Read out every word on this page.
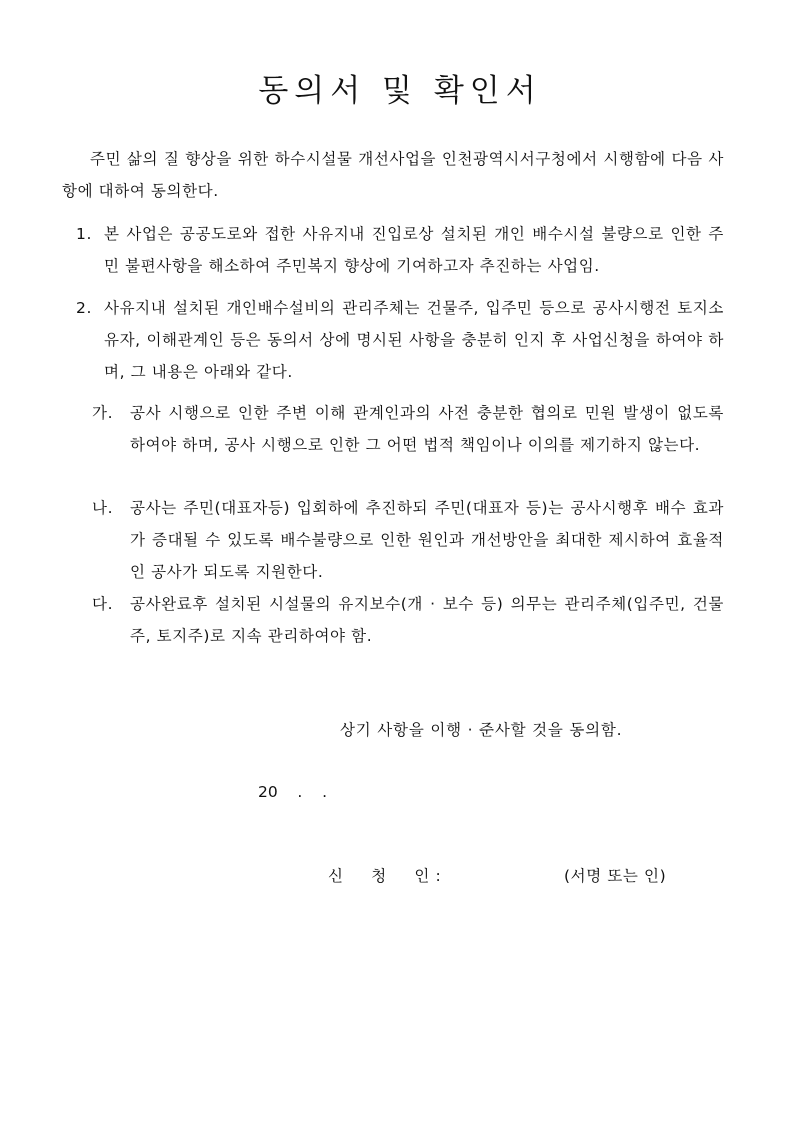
동의서 및 확인서
주민 삶의 질 향상을 위한 하수시설물 개선사업을 인천광역시서구청에서 시행함에 다음 사항에 대하여 동의한다.
1. 본 사업은 공공도로와 접한 사유지내 진입로상 설치된 개인 배수시설 불량으로 인한 주민 불편사항을 해소하여 주민복지 향상에 기여하고자 추진하는 사업임.
2. 사유지내 설치된 개인배수설비의 관리주체는 건물주, 입주민 등으로 공사시행전 토지소유자, 이해관계인 등은 동의서 상에 명시된 사항을 충분히 인지 후 사업신청을 하여야 하며, 그 내용은 아래와 같다.
가.	공사 시행으로 인한 주변 이해 관계인과의 사전 충분한 협의로 민원 발생이 없도록 하여야 하며, 공사 시행으로 인한 그 어떤 법적 책임이나 이의를 제기하지 않는다.
나.	공사는 주민(대표자등) 입회하에 추진하되 주민(대표자 등)는 공사시행후 배수 효과가 증대될 수 있도록 배수불량으로 인한 원인과 개선방안을 최대한 제시하여 효율적인 공사가 되도록 지원한다.
다.	공사완료후 설치된 시설물의 유지보수(개 · 보수 등) 의무는 관리주체(입주민, 건물주, 토지주)로 지속 관리하여야 함.
상기 사항을 이행 · 준사할 것을 동의함.
20    .    .
신     청     인 :	(서명 또는 인)
